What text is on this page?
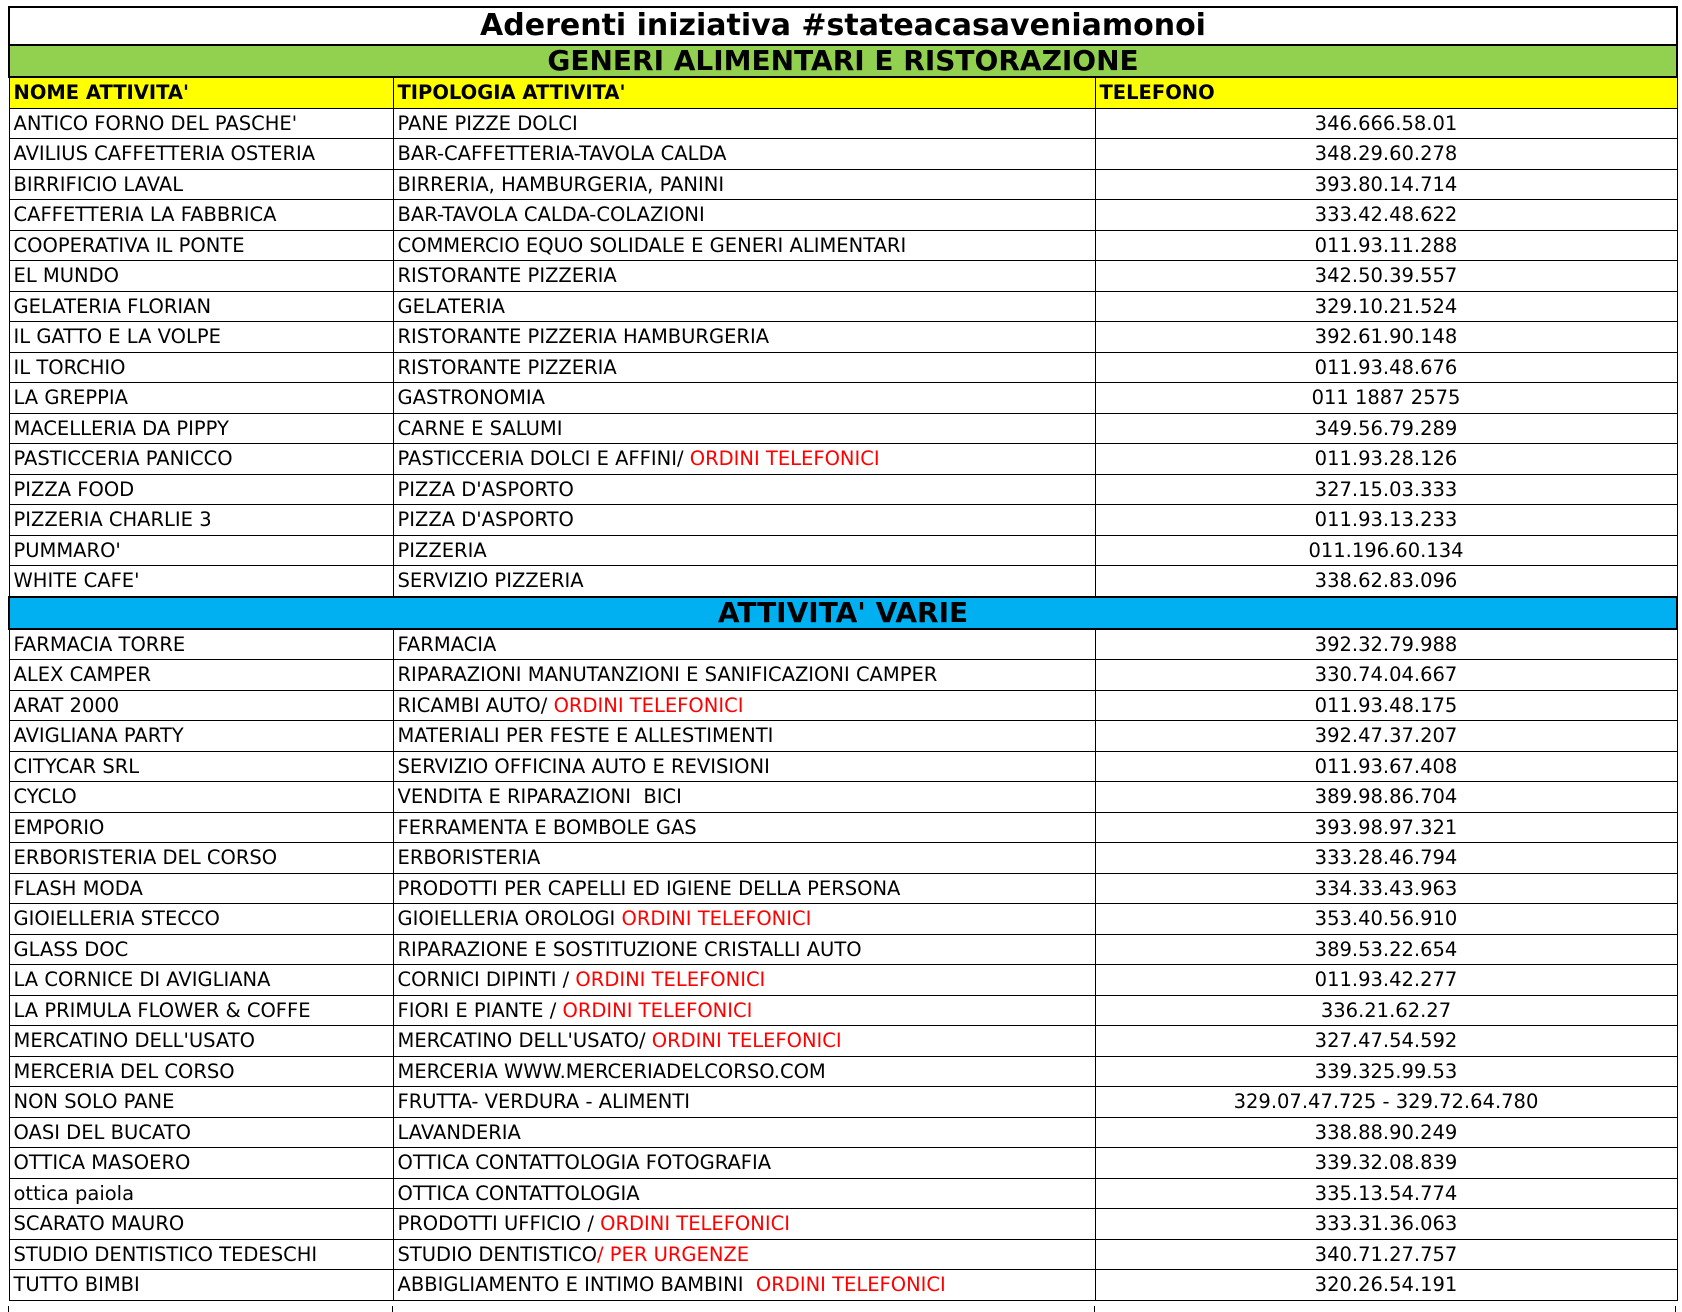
Aderenti iniziativa #stateacasaveniamonoi		
GENERI ALIMENTARI E RISTORAZIONE		
NOME ATTIVITA'	TIPOLOGIA ATTIVITA'	TELEFONO
ANTICO FORNO DEL PASCHE'	PANE PIZZE DOLCI	346.666.58.01
AVILIUS CAFFETTERIA OSTERIA	BAR-CAFFETTERIA-TAVOLA CALDA	348.29.60.278
BIRRIFICIO LAVAL	BIRRERIA, HAMBURGERIA, PANINI	393.80.14.714
CAFFETTERIA LA FABBRICA	BAR-TAVOLA CALDA-COLAZIONI	333.42.48.622
COOPERATIVA IL PONTE	COMMERCIO EQUO SOLIDALE E GENERI ALIMENTARI	011.93.11.288
EL MUNDO	RISTORANTE PIZZERIA	342.50.39.557
GELATERIA FLORIAN	GELATERIA	329.10.21.524
IL GATTO E LA VOLPE	RISTORANTE PIZZERIA HAMBURGERIA	392.61.90.148
IL TORCHIO	RISTORANTE PIZZERIA	011.93.48.676
LA GREPPIA	GASTRONOMIA	011 1887 2575
MACELLERIA DA PIPPY	CARNE E SALUMI	349.56.79.289
PASTICCERIA PANICCO	PASTICCERIA DOLCI E AFFINI/ ORDINI TELEFONICI	011.93.28.126
PIZZA FOOD	PIZZA D'ASPORTO	327.15.03.333
PIZZERIA CHARLIE 3	PIZZA D'ASPORTO	011.93.13.233
PUMMARO'	PIZZERIA	011.196.60.134
WHITE CAFE'	SERVIZIO PIZZERIA	338.62.83.096
ATTIVITA' VARIE		
FARMACIA TORRE	FARMACIA	392.32.79.988
ALEX CAMPER	RIPARAZIONI MANUTANZIONI E SANIFICAZIONI CAMPER	330.74.04.667
ARAT 2000	RICAMBI AUTO/ ORDINI TELEFONICI	011.93.48.175
AVIGLIANA PARTY	MATERIALI PER FESTE E ALLESTIMENTI	392.47.37.207
CITYCAR SRL	SERVIZIO OFFICINA AUTO E REVISIONI	011.93.67.408
CYCLO	VENDITA E RIPARAZIONI  BICI	389.98.86.704
EMPORIO	FERRAMENTA E BOMBOLE GAS	393.98.97.321
ERBORISTERIA DEL CORSO	ERBORISTERIA	333.28.46.794
FLASH MODA	PRODOTTI PER CAPELLI ED IGIENE DELLA PERSONA	334.33.43.963
GIOIELLERIA STECCO	GIOIELLERIA OROLOGI ORDINI TELEFONICI	353.40.56.910
GLASS DOC	RIPARAZIONE E SOSTITUZIONE CRISTALLI AUTO	389.53.22.654
LA CORNICE DI AVIGLIANA	CORNICI DIPINTI / ORDINI TELEFONICI	011.93.42.277
LA PRIMULA FLOWER & COFFE	FIORI E PIANTE / ORDINI TELEFONICI	336.21.62.27
MERCATINO DELL'USATO	MERCATINO DELL'USATO/ ORDINI TELEFONICI	327.47.54.592
MERCERIA DEL CORSO	MERCERIA WWW.MERCERIADELCORSO.COM	339.325.99.53
NON SOLO PANE	FRUTTA- VERDURA - ALIMENTI	329.07.47.725 - 329.72.64.780
OASI DEL BUCATO	LAVANDERIA	338.88.90.249
OTTICA MASOERO	OTTICA CONTATTOLOGIA FOTOGRAFIA	339.32.08.839
ottica paiola	OTTICA CONTATTOLOGIA	335.13.54.774
SCARATO MAURO	PRODOTTI UFFICIO / ORDINI TELEFONICI	333.31.36.063
STUDIO DENTISTICO TEDESCHI	STUDIO DENTISTICO/ PER URGENZE	340.71.27.757
TUTTO BIMBI	ABBIGLIAMENTO E INTIMO BAMBINI  ORDINI TELEFONICI	320.26.54.191
